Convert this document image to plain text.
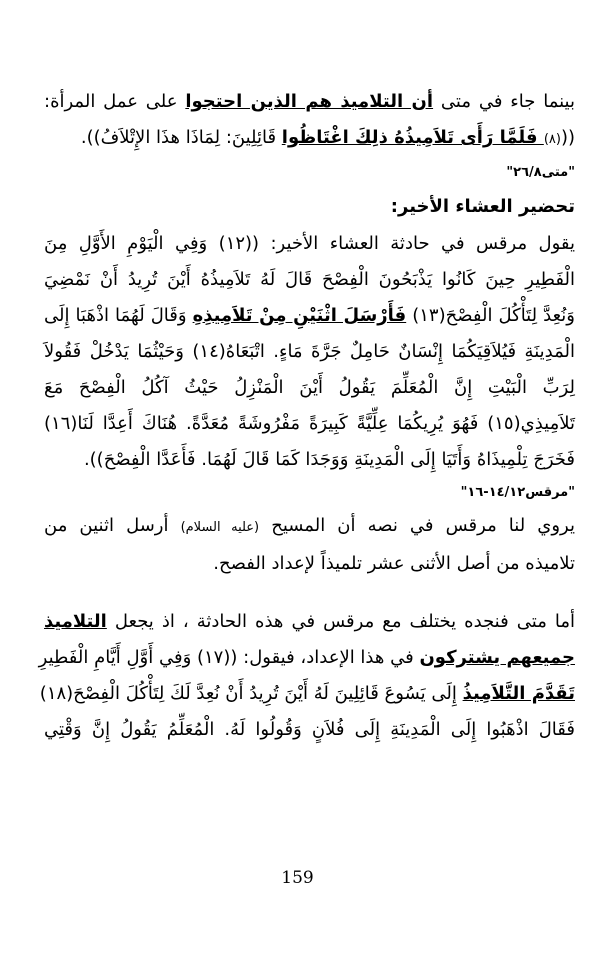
بينما جاء في متى أن التلاميذ هم الذين احتجوا على عمل المرأة:

(((٨) فَلَمَّا رَأَى تَلاَمِيذُهُ ذلِكَ اغْتَاظُوا قَائِلِينَ: لِمَاذَا هذَا الإِتْلاَفُ)).

"متى٢٦/٨"

تحضير العشاء الأخير:

يقول مرقس في حادثة العشاء الأخير: ((١٢) وَفِي الْيَوْمِ الأَوَّلِ مِنَ

الْفَطِيرِ حِينَ كَانُوا يَذْبَحُونَ الْفِصْحَ قَالَ لَهُ تَلاَمِيذُهُ أَيْنَ تُرِيدُ أَنْ نَمْضِيَ

وَنُعِدَّ لِتَأْكُلَ الْفِصْحَ(١٣) فَأَرْسَلَ اثْنَيْنِ مِنْ تَلاَمِيذِهِ وَقَالَ لَهُمَا اذْهَبَا إِلَى

الْمَدِينَةِ فَيُلاَقِيَكُمَا إِنْسَانٌ حَامِلٌ جَرَّةَ مَاءٍ. اتْبَعَاهُ(١٤) وَحَيْثُمَا يَدْخُلْ فَقُولاَ

لِرَبِّ الْبَيْتِ إِنَّ الْمُعَلِّمَ يَقُولُ أَيْنَ الْمَنْزِلُ حَيْثُ آكُلُ الْفِصْحَ مَعَ

تَلاَمِيذِي(١٥) فَهُوَ يُرِيكُمَا عِلِّيَّةً كَبِيرَةً مَفْرُوشَةً مُعَدَّةً. هُنَاكَ أَعِدَّا لَنَا(١٦)

فَخَرَجَ تِلْمِيذَاهُ وَأَتَيَا إِلَى الْمَدِينَةِ وَوَجَدَا كَمَا قَالَ لَهُمَا. فَأَعَدَّا الْفِصْحَ)).

"مرقس١٤/١٢-١٦"

يروي لنا مرقس في نصه أن المسيح (عليه السلام) أرسل اثنين من

تلاميذه من أصل الأثنى عشر تلميذاً لإعداد الفصح.

أما متى فنجده يختلف مع مرقس في هذه الحادثة ، اذ يجعل التلاميذ

جميعهم يشتركون في هذا الإعداد، فيقول: ((١٧) وَفِي أَوَّلِ أَيَّامِ الْفَطِيرِ

تَقَدَّمَ التَّلاَمِيذُ إِلَى يَسُوعَ قَائِلِينَ لَهُ أَيْنَ تُرِيدُ أَنْ نُعِدَّ لَكَ لِتَأْكُلَ الْفِصْحَ(١٨)

فَقَالَ اذْهَبُوا إِلَى الْمَدِينَةِ إِلَى فُلاَنٍ وَقُولُوا لَهُ. الْمُعَلِّمُ يَقُولُ إِنَّ وَقْتِي

159
